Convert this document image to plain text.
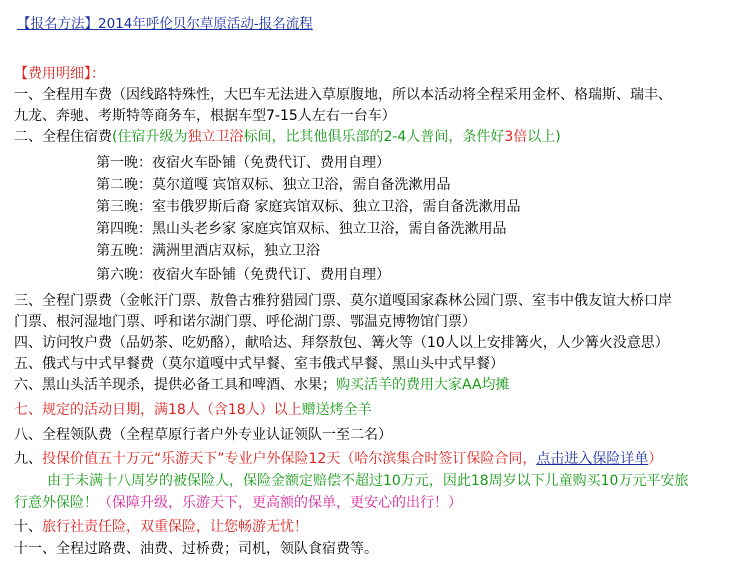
【报名方法】2014年呼伦贝尔草原活动-报名流程
【费用明细】：
一、全程用车费（因线路特殊性，大巴车无法进入草原腹地，所以本活动将全程采用金杯、格瑞斯、瑞丰、
九龙、奔驰、考斯特等商务车，根据车型7-15人左右一台车）
二、全程住宿费(住宿升级为独立卫浴标间，比其他俱乐部的2-4人普间，条件好3倍以上)
第一晚：夜宿火车卧铺（免费代订、费用自理）
第二晚：莫尔道嘎 宾馆双标、独立卫浴，需自备洗漱用品
第三晚：室韦俄罗斯后裔 家庭宾馆双标、独立卫浴，需自备洗漱用品
第四晚：黑山头老乡家 家庭宾馆双标、独立卫浴，需自备洗漱用品
第五晚：满洲里酒店双标，独立卫浴
第六晚：夜宿火车卧铺（免费代订、费用自理）
三、全程门票费（金帐汗门票、敖鲁古雅狩猎园门票、莫尔道嘎国家森林公园门票、室韦中俄友谊大桥口岸
门票、根河湿地门票、呼和诺尔湖门票、呼伦湖门票、鄂温克博物馆门票）
四、访问牧户费（品奶茶、吃奶酪），献哈达、拜祭敖包、篝火等（10人以上安排篝火，人少篝火没意思）
五、俄式与中式早餐费（莫尔道嘎中式早餐、室韦俄式早餐、黑山头中式早餐）
六、黑山头活羊现杀，提供必备工具和啤酒、水果；购买活羊的费用大家AA均摊
七、规定的活动日期，满18人（含18人）以上赠送烤全羊
八、全程领队费（全程草原行者户外专业认证领队一至二名）
九、投保价值五十万元“乐游天下”专业户外保险12天（哈尔滨集合时签订保险合同，点击进入保险详单）
由于未满十八周岁的被保险人，保险金额定赔偿不超过10万元，因此18周岁以下儿童购买10万元平安旅
行意外保险！（保障升级，乐游天下，更高额的保单，更安心的出行！）
十、旅行社责任险，双重保险，让您畅游无忧！
十一、全程过路费、油费、过桥费；司机，领队食宿费等。
